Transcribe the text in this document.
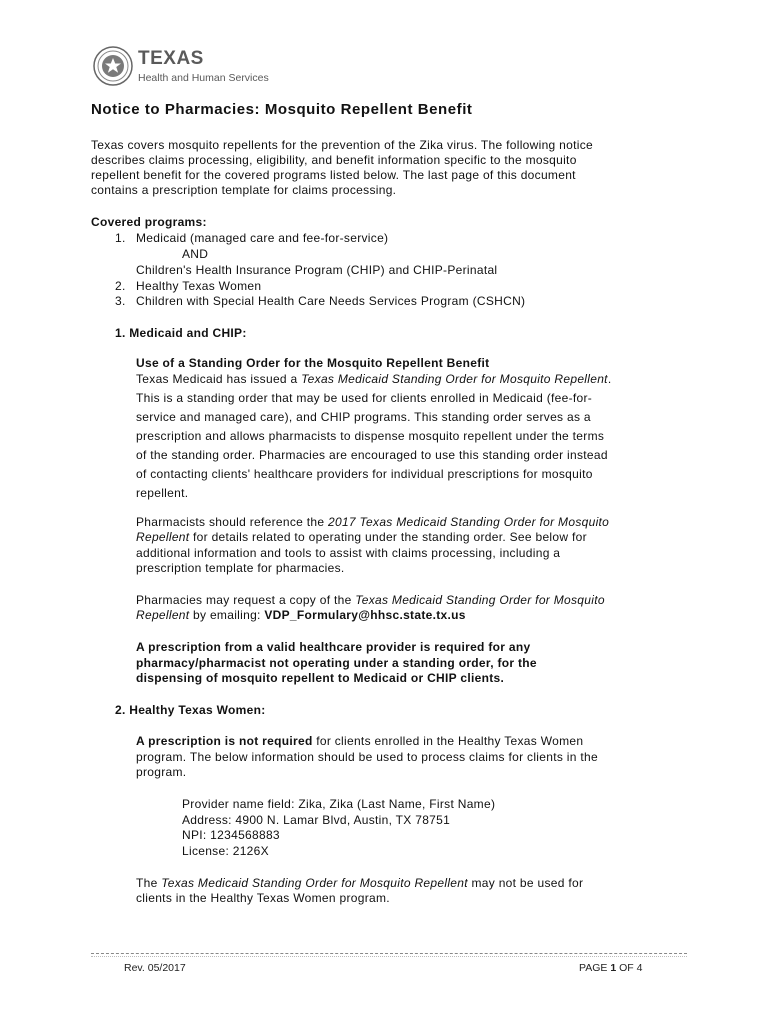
TEXAS
Health and Human Services
Notice to Pharmacies: Mosquito Repellent Benefit
Texas covers mosquito repellents for the prevention of the Zika virus. The following notice
describes claims processing, eligibility, and benefit information specific to the mosquito
repellent benefit for the covered programs listed below. The last page of this document
contains a prescription template for claims processing.
Covered programs:
1. Medicaid (managed care and fee-for-service)
AND
Children's Health Insurance Program (CHIP) and CHIP-Perinatal
2. Healthy Texas Women
3. Children with Special Health Care Needs Services Program (CSHCN)
1. Medicaid and CHIP:
Use of a Standing Order for the Mosquito Repellent Benefit
Texas Medicaid has issued a Texas Medicaid Standing Order for Mosquito Repellent.
This is a standing order that may be used for clients enrolled in Medicaid (fee-for-
service and managed care), and CHIP programs. This standing order serves as a
prescription and allows pharmacists to dispense mosquito repellent under the terms
of the standing order. Pharmacies are encouraged to use this standing order instead
of contacting clients' healthcare providers for individual prescriptions for mosquito
repellent.
Pharmacists should reference the 2017 Texas Medicaid Standing Order for Mosquito
Repellent for details related to operating under the standing order. See below for
additional information and tools to assist with claims processing, including a
prescription template for pharmacies.
Pharmacies may request a copy of the Texas Medicaid Standing Order for Mosquito
Repellent by emailing: VDP_Formulary@hhsc.state.tx.us
A prescription from a valid healthcare provider is required for any
pharmacy/pharmacist not operating under a standing order, for the
dispensing of mosquito repellent to Medicaid or CHIP clients.
2. Healthy Texas Women:
A prescription is not required for clients enrolled in the Healthy Texas Women
program. The below information should be used to process claims for clients in the
program.
Provider name field: Zika, Zika (Last Name, First Name)
Address: 4900 N. Lamar Blvd, Austin, TX 78751
NPI: 1234568883
License: 2126X
The Texas Medicaid Standing Order for Mosquito Repellent may not be used for
clients in the Healthy Texas Women program.
Rev. 05/2017	PAGE 1 OF 4
